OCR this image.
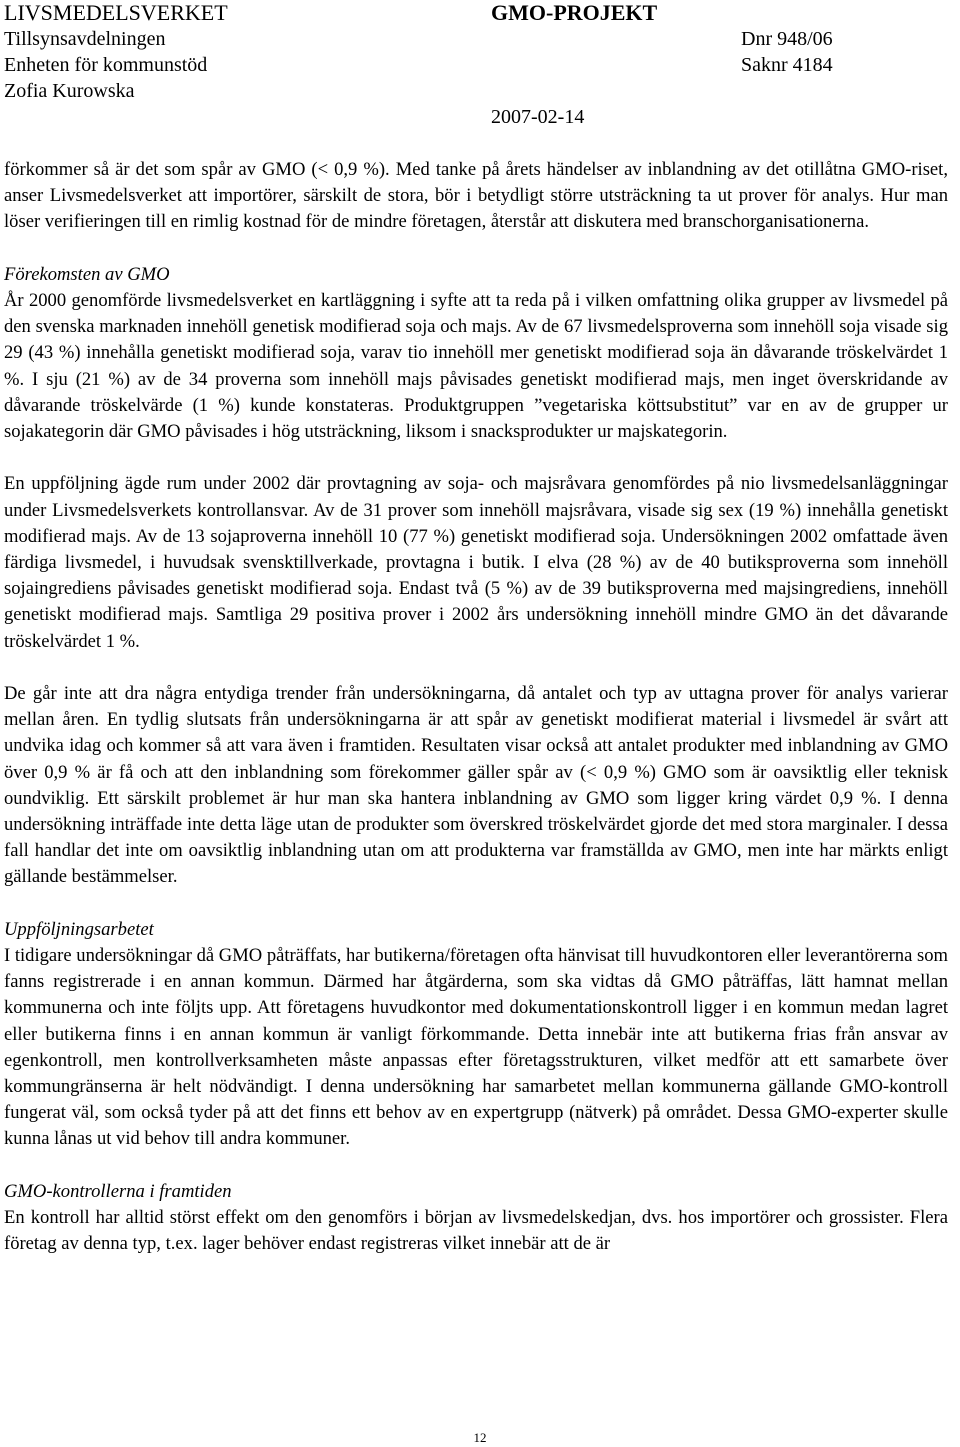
LIVSMEDELSVERKET
Tillsynsavdelningen
Enheten för kommunstöd
Zofia Kurowska
GMO-PROJEKT
Dnr 948/06
Saknr 4184
2007-02-14

förkommer så är det som spår av GMO (< 0,9 %). Med tanke på årets händelser av inblandning av det otillåtna GMO-riset, anser Livsmedelsverket att importörer, särskilt de stora, bör i betydligt större utsträckning ta ut prover för analys. Hur man löser verifieringen till en rimlig kostnad för de mindre företagen, återstår att diskutera med branschorganisationerna.

Förekomsten av GMO

År 2000 genomförde livsmedelsverket en kartläggning i syfte att ta reda på i vilken omfattning olika grupper av livsmedel på den svenska marknaden innehöll genetisk modifierad soja och majs. Av de 67 livsmedelsproverna som innehöll soja visade sig 29 (43 %) innehålla genetiskt modifierad soja, varav tio innehöll mer genetiskt modifierad soja än dåvarande tröskelvärdet 1 %. I sju (21 %) av de 34 proverna som innehöll majs påvisades genetiskt modifierad majs, men inget överskridande av dåvarande tröskelvärde (1 %) kunde konstateras. Produktgruppen ”vegetariska köttsubstitut” var en av de grupper ur sojakategorin där GMO påvisades i hög utsträckning, liksom i snacksprodukter ur majskategorin.

En uppföljning ägde rum under 2002 där provtagning av soja- och majsråvara genomfördes på nio livsmedelsanläggningar under Livsmedelsverkets kontrollansvar. Av de 31 prover som innehöll majsråvara, visade sig sex (19 %) innehålla genetiskt modifierad majs. Av de 13 sojaproverna innehöll 10 (77 %) genetiskt modifierad soja. Undersökningen 2002 omfattade även färdiga livsmedel, i huvudsak svensktillverkade, provtagna i butik. I elva (28 %) av de 40 butiksproverna som innehöll sojaingrediens påvisades genetiskt modifierad soja. Endast två (5 %) av de 39 butiksproverna med majsingrediens, innehöll genetiskt modifierad majs. Samtliga 29 positiva prover i 2002 års undersökning innehöll mindre GMO än det dåvarande tröskelvärdet 1 %.

De går inte att dra några entydiga trender från undersökningarna, då antalet och typ av uttagna prover för analys varierar mellan åren. En tydlig slutsats från undersökningarna är att spår av genetiskt modifierat material i livsmedel är svårt att undvika idag och kommer så att vara även i framtiden. Resultaten visar också att antalet produkter med inblandning av GMO över 0,9 % är få och att den inblandning som förekommer gäller spår av (< 0,9 %) GMO som är oavsiktlig eller teknisk oundviklig. Ett särskilt problemet är hur man ska hantera inblandning av GMO som ligger kring värdet 0,9 %. I denna undersökning inträffade inte detta läge utan de produkter som överskred tröskelvärdet gjorde det med stora marginaler. I dessa fall handlar det inte om oavsiktlig inblandning utan om att produkterna var framställda av GMO, men inte har märkts enligt gällande bestämmelser.

Uppföljningsarbetet

I tidigare undersökningar då GMO påträffats, har butikerna/företagen ofta hänvisat till huvudkontoren eller leverantörerna som fanns registrerade i en annan kommun. Därmed har åtgärderna, som ska vidtas då GMO påträffas, lätt hamnat mellan kommunerna och inte följts upp. Att företagens huvudkontor med dokumentationskontroll ligger i en kommun medan lagret eller butikerna finns i en annan kommun är vanligt förkommande. Detta innebär inte att butikerna frias från ansvar av egenkontroll, men kontrollverksamheten måste anpassas efter företagsstrukturen, vilket medför att ett samarbete över kommungränserna är helt nödvändigt. I denna undersökning har samarbetet mellan kommunerna gällande GMO-kontroll fungerat väl, som också tyder på att det finns ett behov av en expertgrupp (nätverk) på området. Dessa GMO-experter skulle kunna lånas ut vid behov till andra kommuner.

GMO-kontrollerna i framtiden

En kontroll har alltid störst effekt om den genomförs i början av livsmedelskedjan, dvs. hos importörer och grossister. Flera företag av denna typ, t.ex. lager behöver endast registreras vilket innebär att de är

12
